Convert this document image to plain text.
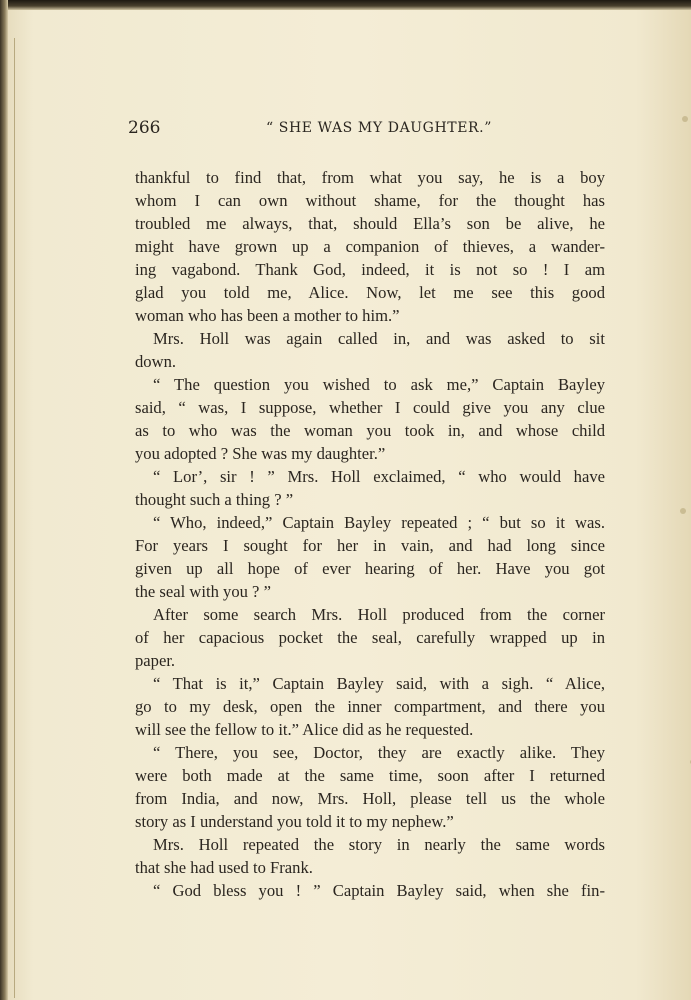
266	“ SHE WAS MY DAUGHTER.”
thankful to find that, from what you say, he is a boy
whom I can own without shame, for the thought has
troubled me always, that, should Ella’s son be alive, he
might have grown up a companion of thieves, a wander-
ing vagabond. Thank God, indeed, it is not so ! I am
glad you told me, Alice. Now, let me see this good
woman who has been a mother to him.”
Mrs. Holl was again called in, and was asked to sit
down.
“ The question you wished to ask me,” Captain Bayley
said, “ was, I suppose, whether I could give you any clue
as to who was the woman you took in, and whose child
you adopted ? She was my daughter.”
“ Lor’, sir ! ” Mrs. Holl exclaimed, “ who would have
thought such a thing ? ”
“ Who, indeed,” Captain Bayley repeated ; “ but so it was.
For years I sought for her in vain, and had long since
given up all hope of ever hearing of her. Have you got
the seal with you ? ”
After some search Mrs. Holl produced from the corner
of her capacious pocket the seal, carefully wrapped up in
paper.
“ That is it,” Captain Bayley said, with a sigh. “ Alice,
go to my desk, open the inner compartment, and there you
will see the fellow to it.” Alice did as he requested.
“ There, you see, Doctor, they are exactly alike. They
were both made at the same time, soon after I returned
from India, and now, Mrs. Holl, please tell us the whole
story as I understand you told it to my nephew.”
Mrs. Holl repeated the story in nearly the same words
that she had used to Frank.
“ God bless you ! ” Captain Bayley said, when she fin-
